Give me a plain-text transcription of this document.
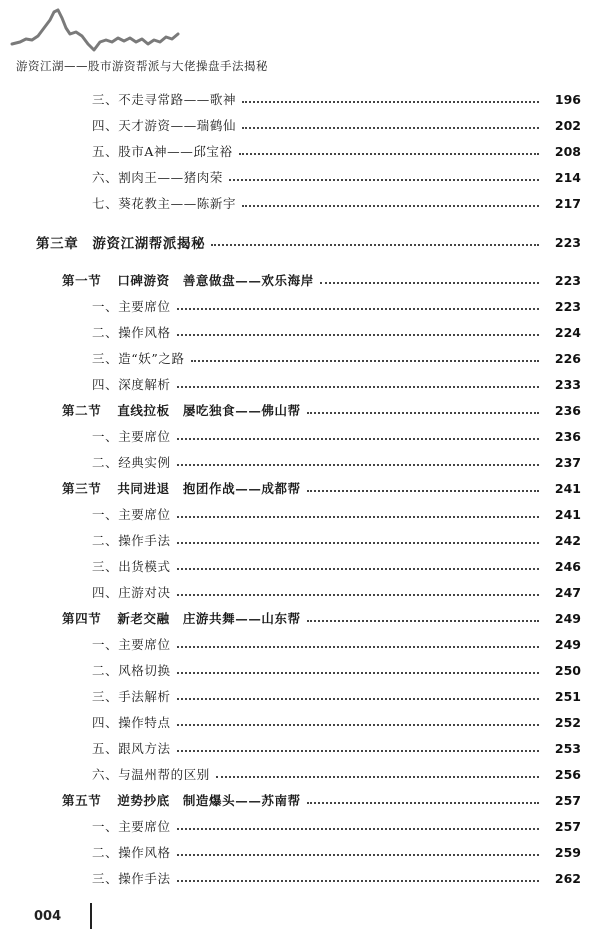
游资江湖——股市游资帮派与大佬操盘手法揭秘
三、不走寻常路——歌神	196
四、天才游资——瑞鹤仙	202
五、股市A神——邱宝裕	208
六、割肉王——猪肉荣	214
七、葵花教主——陈新宇	217
第三章　游资江湖帮派揭秘	223
第一节 口碑游资　善意做盘——欢乐海岸	223
一、主要席位	223
二、操作风格	224
三、造“妖”之路	226
四、深度解析	233
第二节 直线拉板　屡吃独食——佛山帮	236
一、主要席位	236
二、经典实例	237
第三节 共同进退　抱团作战——成都帮	241
一、主要席位	241
二、操作手法	242
三、出货模式	246
四、庄游对决	247
第四节 新老交融　庄游共舞——山东帮	249
一、主要席位	249
二、风格切换	250
三、手法解析	251
四、操作特点	252
五、跟风方法	253
六、与温州帮的区别	256
第五节 逆势抄底　制造爆头——苏南帮	257
一、主要席位	257
二、操作风格	259
三、操作手法	262
004
